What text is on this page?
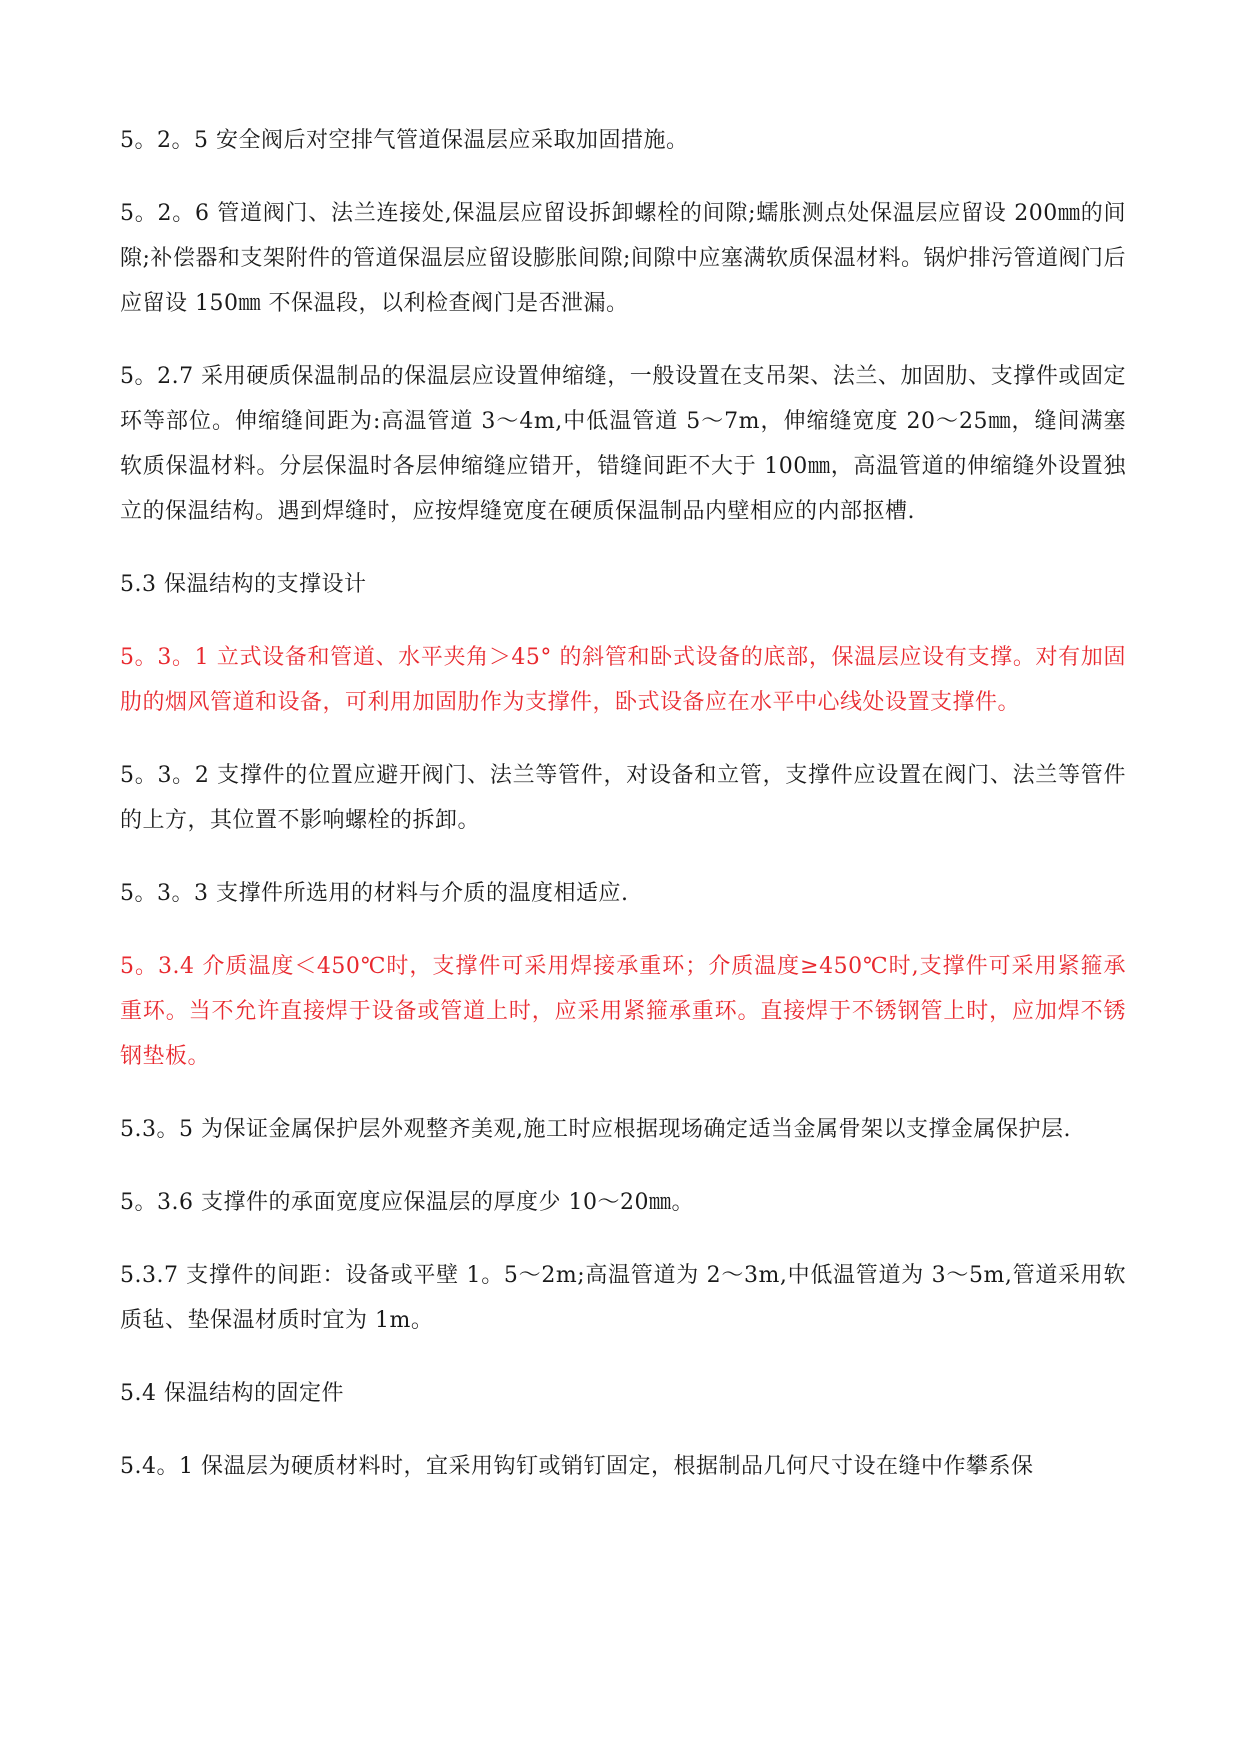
5。2。5 安全阀后对空排气管道保温层应采取加固措施。

5。2。6 管道阀门、法兰连接处,保温层应留设拆卸螺栓的间隙;蠕胀测点处保温层应留设 200㎜的间隙;补偿器和支架附件的管道保温层应留设膨胀间隙;间隙中应塞满软质保温材料。锅炉排污管道阀门后应留设 150㎜ 不保温段，以利检查阀门是否泄漏。

5。2.7 采用硬质保温制品的保温层应设置伸缩缝，一般设置在支吊架、法兰、加固肋、支撑件或固定环等部位。伸缩缝间距为:高温管道 3～4m,中低温管道 5～7m，伸缩缝宽度 20～25㎜，缝间满塞软质保温材料。分层保温时各层伸缩缝应错开，错缝间距不大于 100㎜，高温管道的伸缩缝外设置独立的保温结构。遇到焊缝时，应按焊缝宽度在硬质保温制品内壁相应的内部抠槽.

5.3 保温结构的支撑设计

5。3。1 立式设备和管道、水平夹角＞45° 的斜管和卧式设备的底部，保温层应设有支撑。对有加固肋的烟风管道和设备，可利用加固肋作为支撑件，卧式设备应在水平中心线处设置支撑件。

5。3。2 支撑件的位置应避开阀门、法兰等管件，对设备和立管，支撑件应设置在阀门、法兰等管件的上方，其位置不影响螺栓的拆卸。

5。3。3 支撑件所选用的材料与介质的温度相适应.

5。3.4 介质温度＜450℃时，支撑件可采用焊接承重环；介质温度≥450℃时,支撑件可采用紧箍承重环。当不允许直接焊于设备或管道上时，应采用紧箍承重环。直接焊于不锈钢管上时，应加焊不锈钢垫板。

5.3。5 为保证金属保护层外观整齐美观,施工时应根据现场确定适当金属骨架以支撑金属保护层.

5。3.6 支撑件的承面宽度应保温层的厚度少 10～20㎜。

5.3.7 支撑件的间距：设备或平壁 1。5～2m;高温管道为 2～3m,中低温管道为 3～5m,管道采用软质毡、垫保温材质时宜为 1m。

5.4 保温结构的固定件

5.4。1 保温层为硬质材料时，宜采用钩钉或销钉固定，根据制品几何尺寸设在缝中作攀系保
